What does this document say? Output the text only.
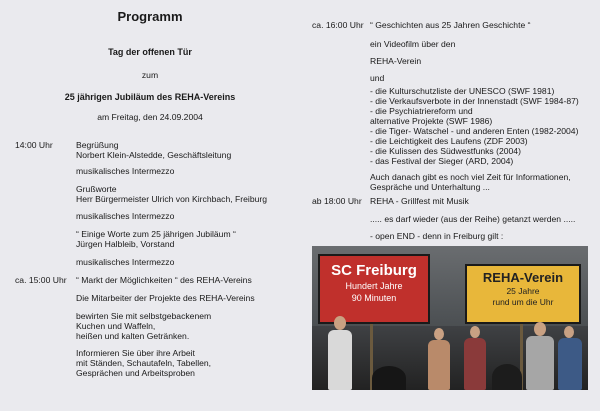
Programm
Tag der offenen Tür
zum
25 jährigen Jubiläum des REHA-Vereins
am Freitag, den 24.09.2004
14:00 Uhr	Begrüßung
Norbert Klein-Alstedde, Geschäftsleitung
musikalisches Intermezzo
Grußworte
Herr Bürgermeister Ulrich von Kirchbach, Freiburg
musikalisches Intermezzo
“ Einige Worte zum 25 jährigen Jubiläum “
Jürgen Halbleib, Vorstand
musikalisches Intermezzo
ca. 15:00 Uhr “ Markt der Möglichkeiten “ des REHA-Vereins
Die Mitarbeiter der Projekte des REHA-Vereins
bewirten Sie mit selbstgebackenem
Kuchen und Waffeln,
heißen und kalten Getränken.
Informieren Sie über ihre Arbeit
mit Ständen, Schautafeln, Tabellen,
Gesprächen und Arbeitsproben
ca. 16:00 Uhr “ Geschichten aus 25 Jahren Geschichte “
ein Videofilm über den
REHA-Verein
und
- die Kulturschutzliste der UNESCO (SWF 1981)
- die Verkaufsverbote in der Innenstadt (SWF 1984-87)
- die Psychiatriereform und
alternative Projekte (SWF 1986)
- die Tiger- Watschel - und anderen Enten (1982-2004)
- die Leichtigkeit des Laufens (ZDF 2003)
- die Kulissen des Südwestfunks (2004)
- das Festival der Sieger (ARD, 2004)
Auch danach gibt es noch viel Zeit für Informationen,
Gespräche und Unterhaltung ...
ab 18:00 Uhr REHA - Grillfest mit Musik
..... es darf wieder (aus der Reihe) getanzt werden .....
- open END - denn in Freiburg gilt :
SC Freiburg
Hundert Jahre
90 Minuten
REHA-Verein
25 Jahre
rund um die Uhr
